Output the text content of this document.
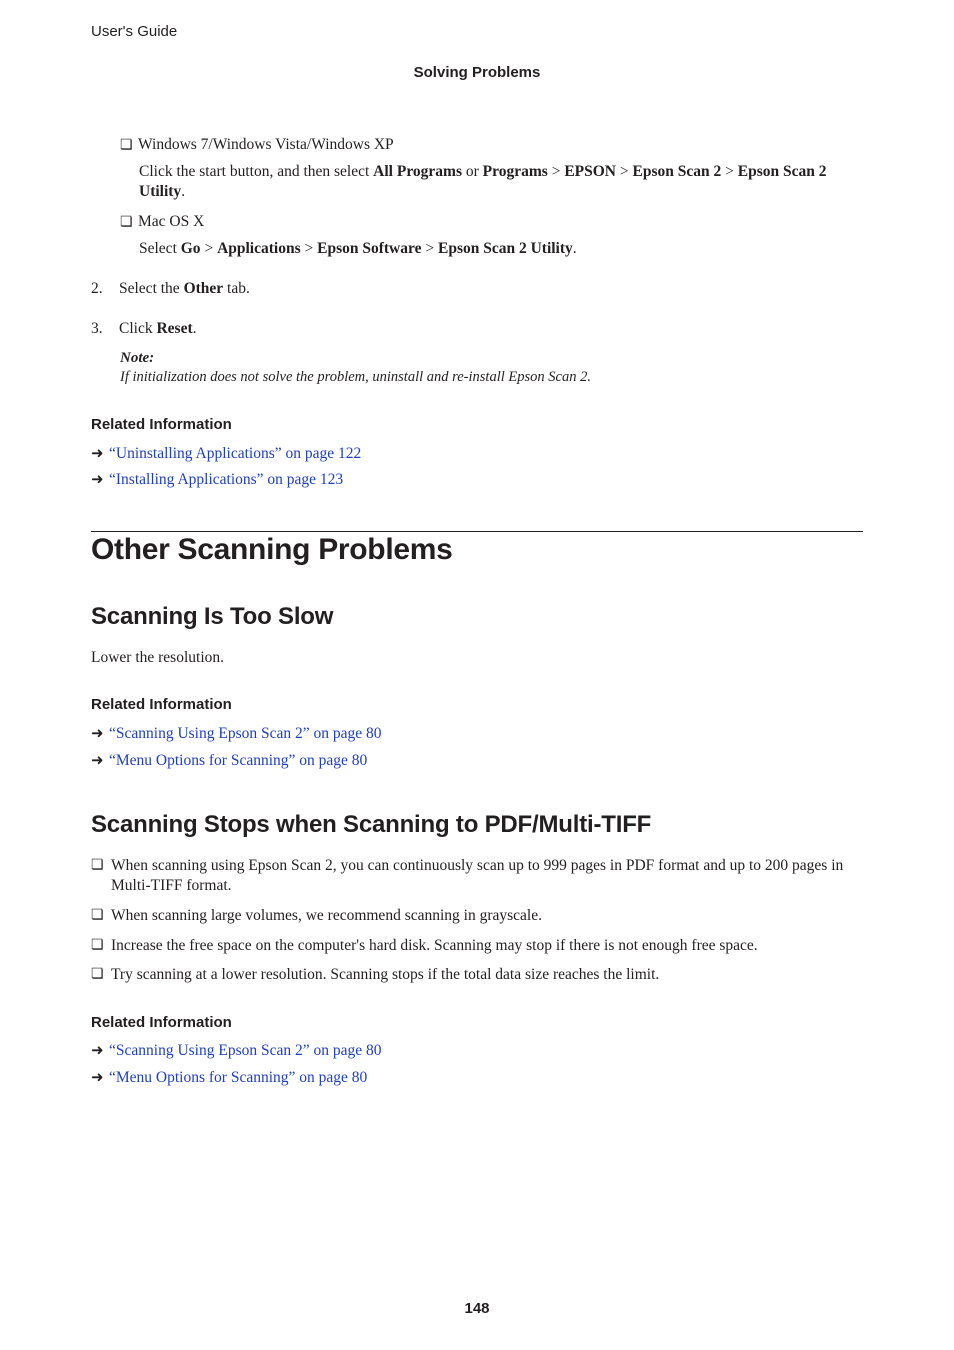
User's Guide
Solving Problems
❏ Windows 7/Windows Vista/Windows XP
Click the start button, and then select All Programs or Programs > EPSON > Epson Scan 2 > Epson Scan 2 Utility.
❏ Mac OS X
Select Go > Applications > Epson Software > Epson Scan 2 Utility.
2. Select the Other tab.
3. Click Reset.
Note:
If initialization does not solve the problem, uninstall and re-install Epson Scan 2.
Related Information
➜ “Uninstalling Applications” on page 122
➜ “Installing Applications” on page 123
Other Scanning Problems
Scanning Is Too Slow
Lower the resolution.
Related Information
➜ “Scanning Using Epson Scan 2” on page 80
➜ “Menu Options for Scanning” on page 80
Scanning Stops when Scanning to PDF/Multi-TIFF
❏ When scanning using Epson Scan 2, you can continuously scan up to 999 pages in PDF format and up to 200 pages in Multi-TIFF format.
❏ When scanning large volumes, we recommend scanning in grayscale.
❏ Increase the free space on the computer's hard disk. Scanning may stop if there is not enough free space.
❏ Try scanning at a lower resolution. Scanning stops if the total data size reaches the limit.
Related Information
➜ “Scanning Using Epson Scan 2” on page 80
➜ “Menu Options for Scanning” on page 80
148
